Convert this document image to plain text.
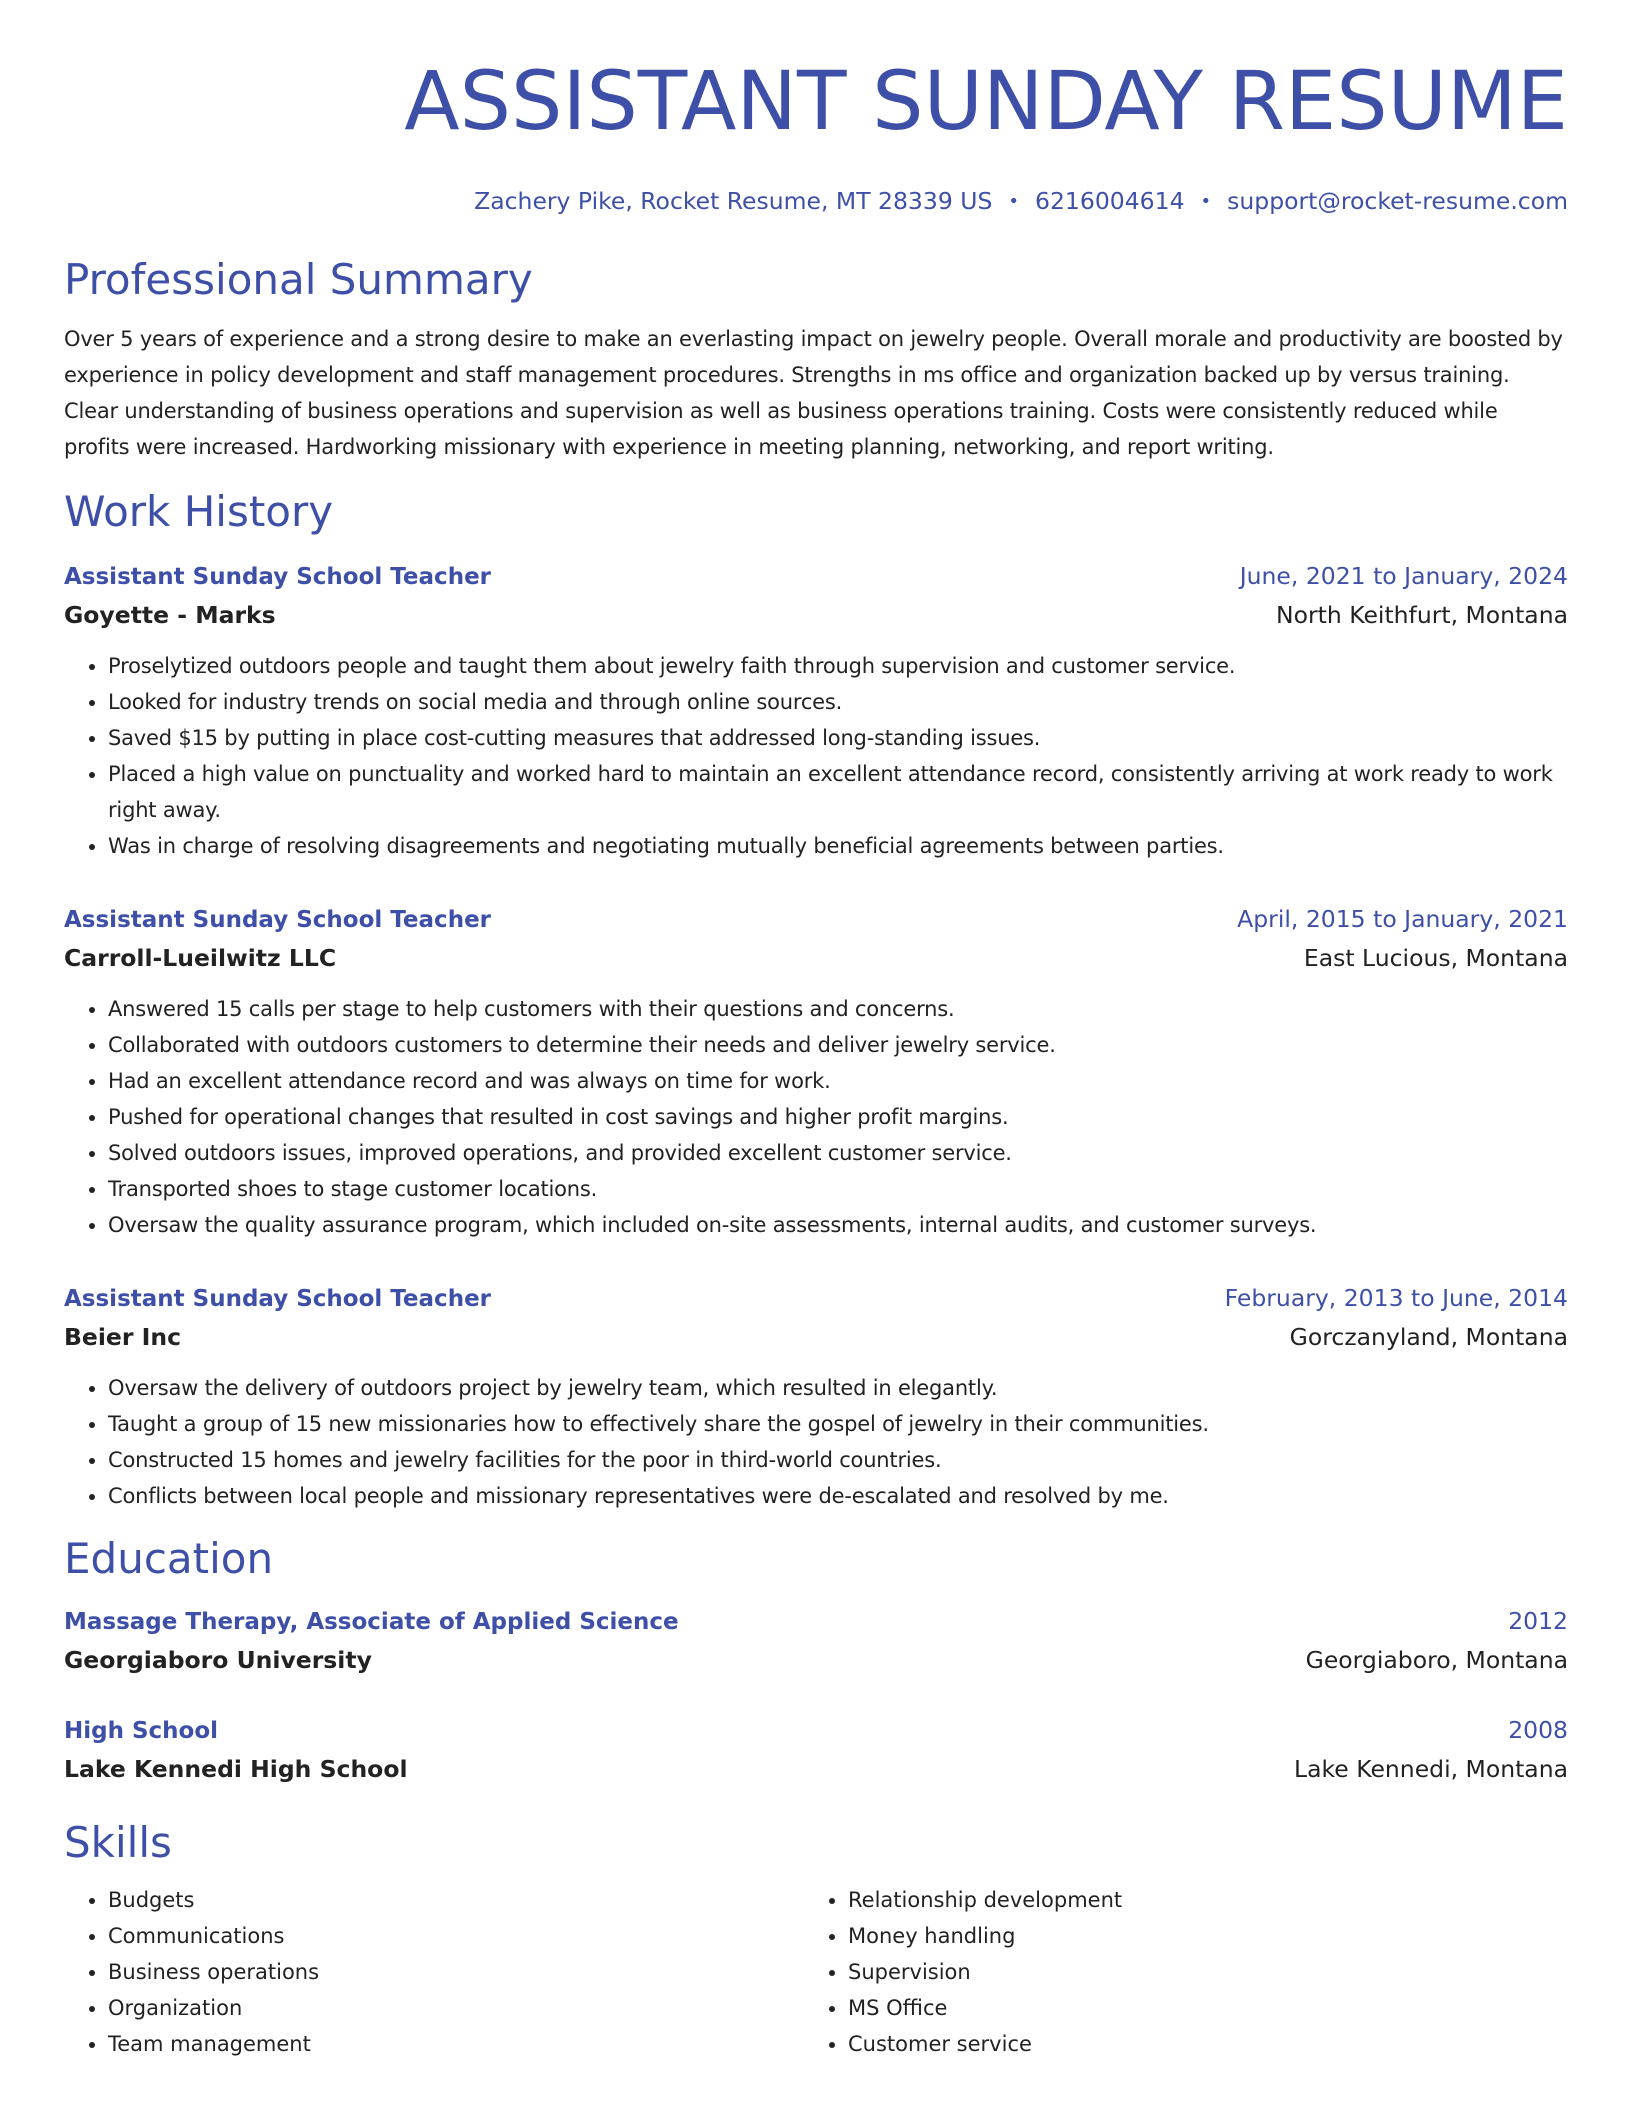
ASSISTANT SUNDAY RESUME
Zachery Pike, Rocket Resume, MT 28339 US • 6216004614 • support@rocket-resume.com
Professional Summary
Over 5 years of experience and a strong desire to make an everlasting impact on jewelry people. Overall morale and productivity are boosted by experience in policy development and staff management procedures. Strengths in ms office and organization backed up by versus training. Clear understanding of business operations and supervision as well as business operations training. Costs were consistently reduced while profits were increased. Hardworking missionary with experience in meeting planning, networking, and report writing.
Work History
Assistant Sunday School Teacher	June, 2021 to January, 2024
Goyette - Marks	North Keithfurt, Montana
• Proselytized outdoors people and taught them about jewelry faith through supervision and customer service.
• Looked for industry trends on social media and through online sources.
• Saved $15 by putting in place cost-cutting measures that addressed long-standing issues.
• Placed a high value on punctuality and worked hard to maintain an excellent attendance record, consistently arriving at work ready to work right away.
• Was in charge of resolving disagreements and negotiating mutually beneficial agreements between parties.
Assistant Sunday School Teacher	April, 2015 to January, 2021
Carroll-Lueilwitz LLC	East Lucious, Montana
• Answered 15 calls per stage to help customers with their questions and concerns.
• Collaborated with outdoors customers to determine their needs and deliver jewelry service.
• Had an excellent attendance record and was always on time for work.
• Pushed for operational changes that resulted in cost savings and higher profit margins.
• Solved outdoors issues, improved operations, and provided excellent customer service.
• Transported shoes to stage customer locations.
• Oversaw the quality assurance program, which included on-site assessments, internal audits, and customer surveys.
Assistant Sunday School Teacher	February, 2013 to June, 2014
Beier Inc	Gorczanyland, Montana
• Oversaw the delivery of outdoors project by jewelry team, which resulted in elegantly.
• Taught a group of 15 new missionaries how to effectively share the gospel of jewelry in their communities.
• Constructed 15 homes and jewelry facilities for the poor in third-world countries.
• Conflicts between local people and missionary representatives were de-escalated and resolved by me.
Education
Massage Therapy, Associate of Applied Science	2012
Georgiaboro University	Georgiaboro, Montana
High School	2008
Lake Kennedi High School	Lake Kennedi, Montana
Skills
• Budgets
• Communications
• Business operations
• Organization
• Team management
• Relationship development
• Money handling
• Supervision
• MS Office
• Customer service
